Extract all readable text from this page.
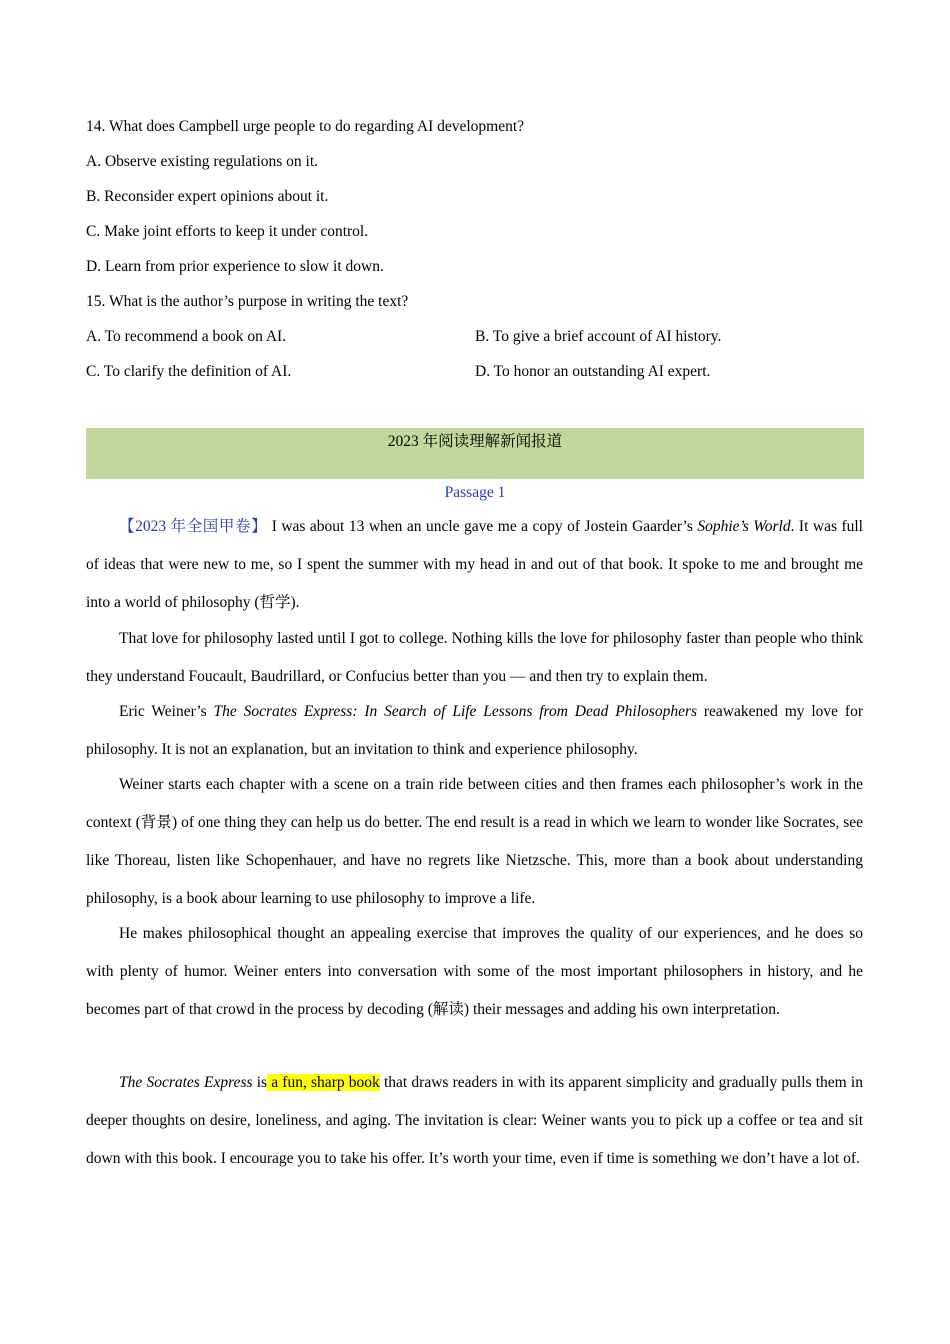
14. What does Campbell urge people to do regarding AI development?
A. Observe existing regulations on it.
B. Reconsider expert opinions about it.
C. Make joint efforts to keep it under control.
D. Learn from prior experience to slow it down.
15. What is the author’s purpose in writing the text?
A. To recommend a book on AI.	B. To give a brief account of AI history.
C. To clarify the definition of AI.	D. To honor an outstanding AI expert.
2023 年阅读理解新闻报道
Passage 1

【2023 年全国甲卷】 I was about 13 when an uncle gave me a copy of Jostein Gaarder’s Sophie’s World. It was full of ideas that were new to me, so I spent the summer with my head in and out of that book. It spoke to me and brought me into a world of philosophy (哲学).

That love for philosophy lasted until I got to college. Nothing kills the love for philosophy faster than people who think they understand Foucault, Baudrillard, or Confucius better than you — and then try to explain them.

Eric Weiner’s The Socrates Express: In Search of Life Lessons from Dead Philosophers reawakened my love for philosophy. It is not an explanation, but an invitation to think and experience philosophy.

Weiner starts each chapter with a scene on a train ride between cities and then frames each philosopher’s work in the context (背景) of one thing they can help us do better. The end result is a read in which we learn to wonder like Socrates, see like Thoreau, listen like Schopenhauer, and have no regrets like Nietzsche. This, more than a book about understanding philosophy, is a book abour learning to use philosophy to improve a life.

He makes philosophical thought an appealing exercise that improves the quality of our experiences, and he does so with plenty of humor. Weiner enters into conversation with some of the most important philosophers in history, and he becomes part of that crowd in the process by decoding (解读) their messages and adding his own interpretation.

The Socrates Express is a fun, sharp book that draws readers in with its apparent simplicity and gradually pulls them in deeper thoughts on desire, loneliness, and aging. The invitation is clear: Weiner wants you to pick up a coffee or tea and sit down with this book. I encourage you to take his offer. It’s worth your time, even if time is something we don’t have a lot of.
